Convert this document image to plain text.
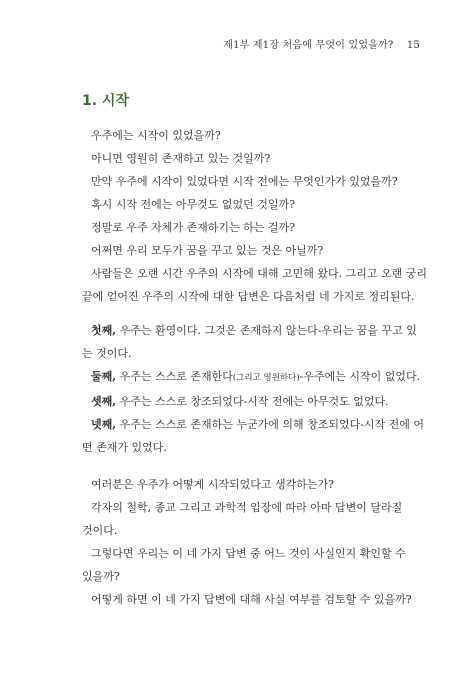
제1부 제1장 처음에 무엇이 있었을까? 15
1. 시작

우주에는 시작이 있었을까?

아니면 영원히 존재하고 있는 것일까?

만약 우주에 시작이 있었다면 시작 전에는 무엇인가가 있었을까?

혹시 시작 전에는 아무것도 없었던 것일까?

정말로 우주 자체가 존재하기는 하는 걸까?

어쩌면 우리 모두가 꿈을 꾸고 있는 것은 아닐까?

사람들은 오랜 시간 우주의 시작에 대해 고민해 왔다. 그리고 오랜 궁리

끝에 얻어진 우주의 시작에 대한 답변은 다음처럼 네 가지로 정리된다.

첫째, 우주는 환영이다. 그것은 존재하지 않는다-우리는 꿈을 꾸고 있

는 것이다.

둘째, 우주는 스스로 존재한다(그리고 영원하다)-우주에는 시작이 없었다.

셋째, 우주는 스스로 창조되었다-시작 전에는 아무것도 없었다.

넷째, 우주는 스스로 존재하는 누군가에 의해 창조되었다-시작 전에 어

떤 존재가 있었다.

여러분은 우주가 어떻게 시작되었다고 생각하는가?

각자의 철학, 종교 그리고 과학적 입장에 따라 아마 답변이 달라질

것이다.

그렇다면 우리는 이 네 가지 답변 중 어느 것이 사실인지 확인할 수

있을까?

어떻게 하면 이 네 가지 답변에 대해 사실 여부를 검토할 수 있을까?
